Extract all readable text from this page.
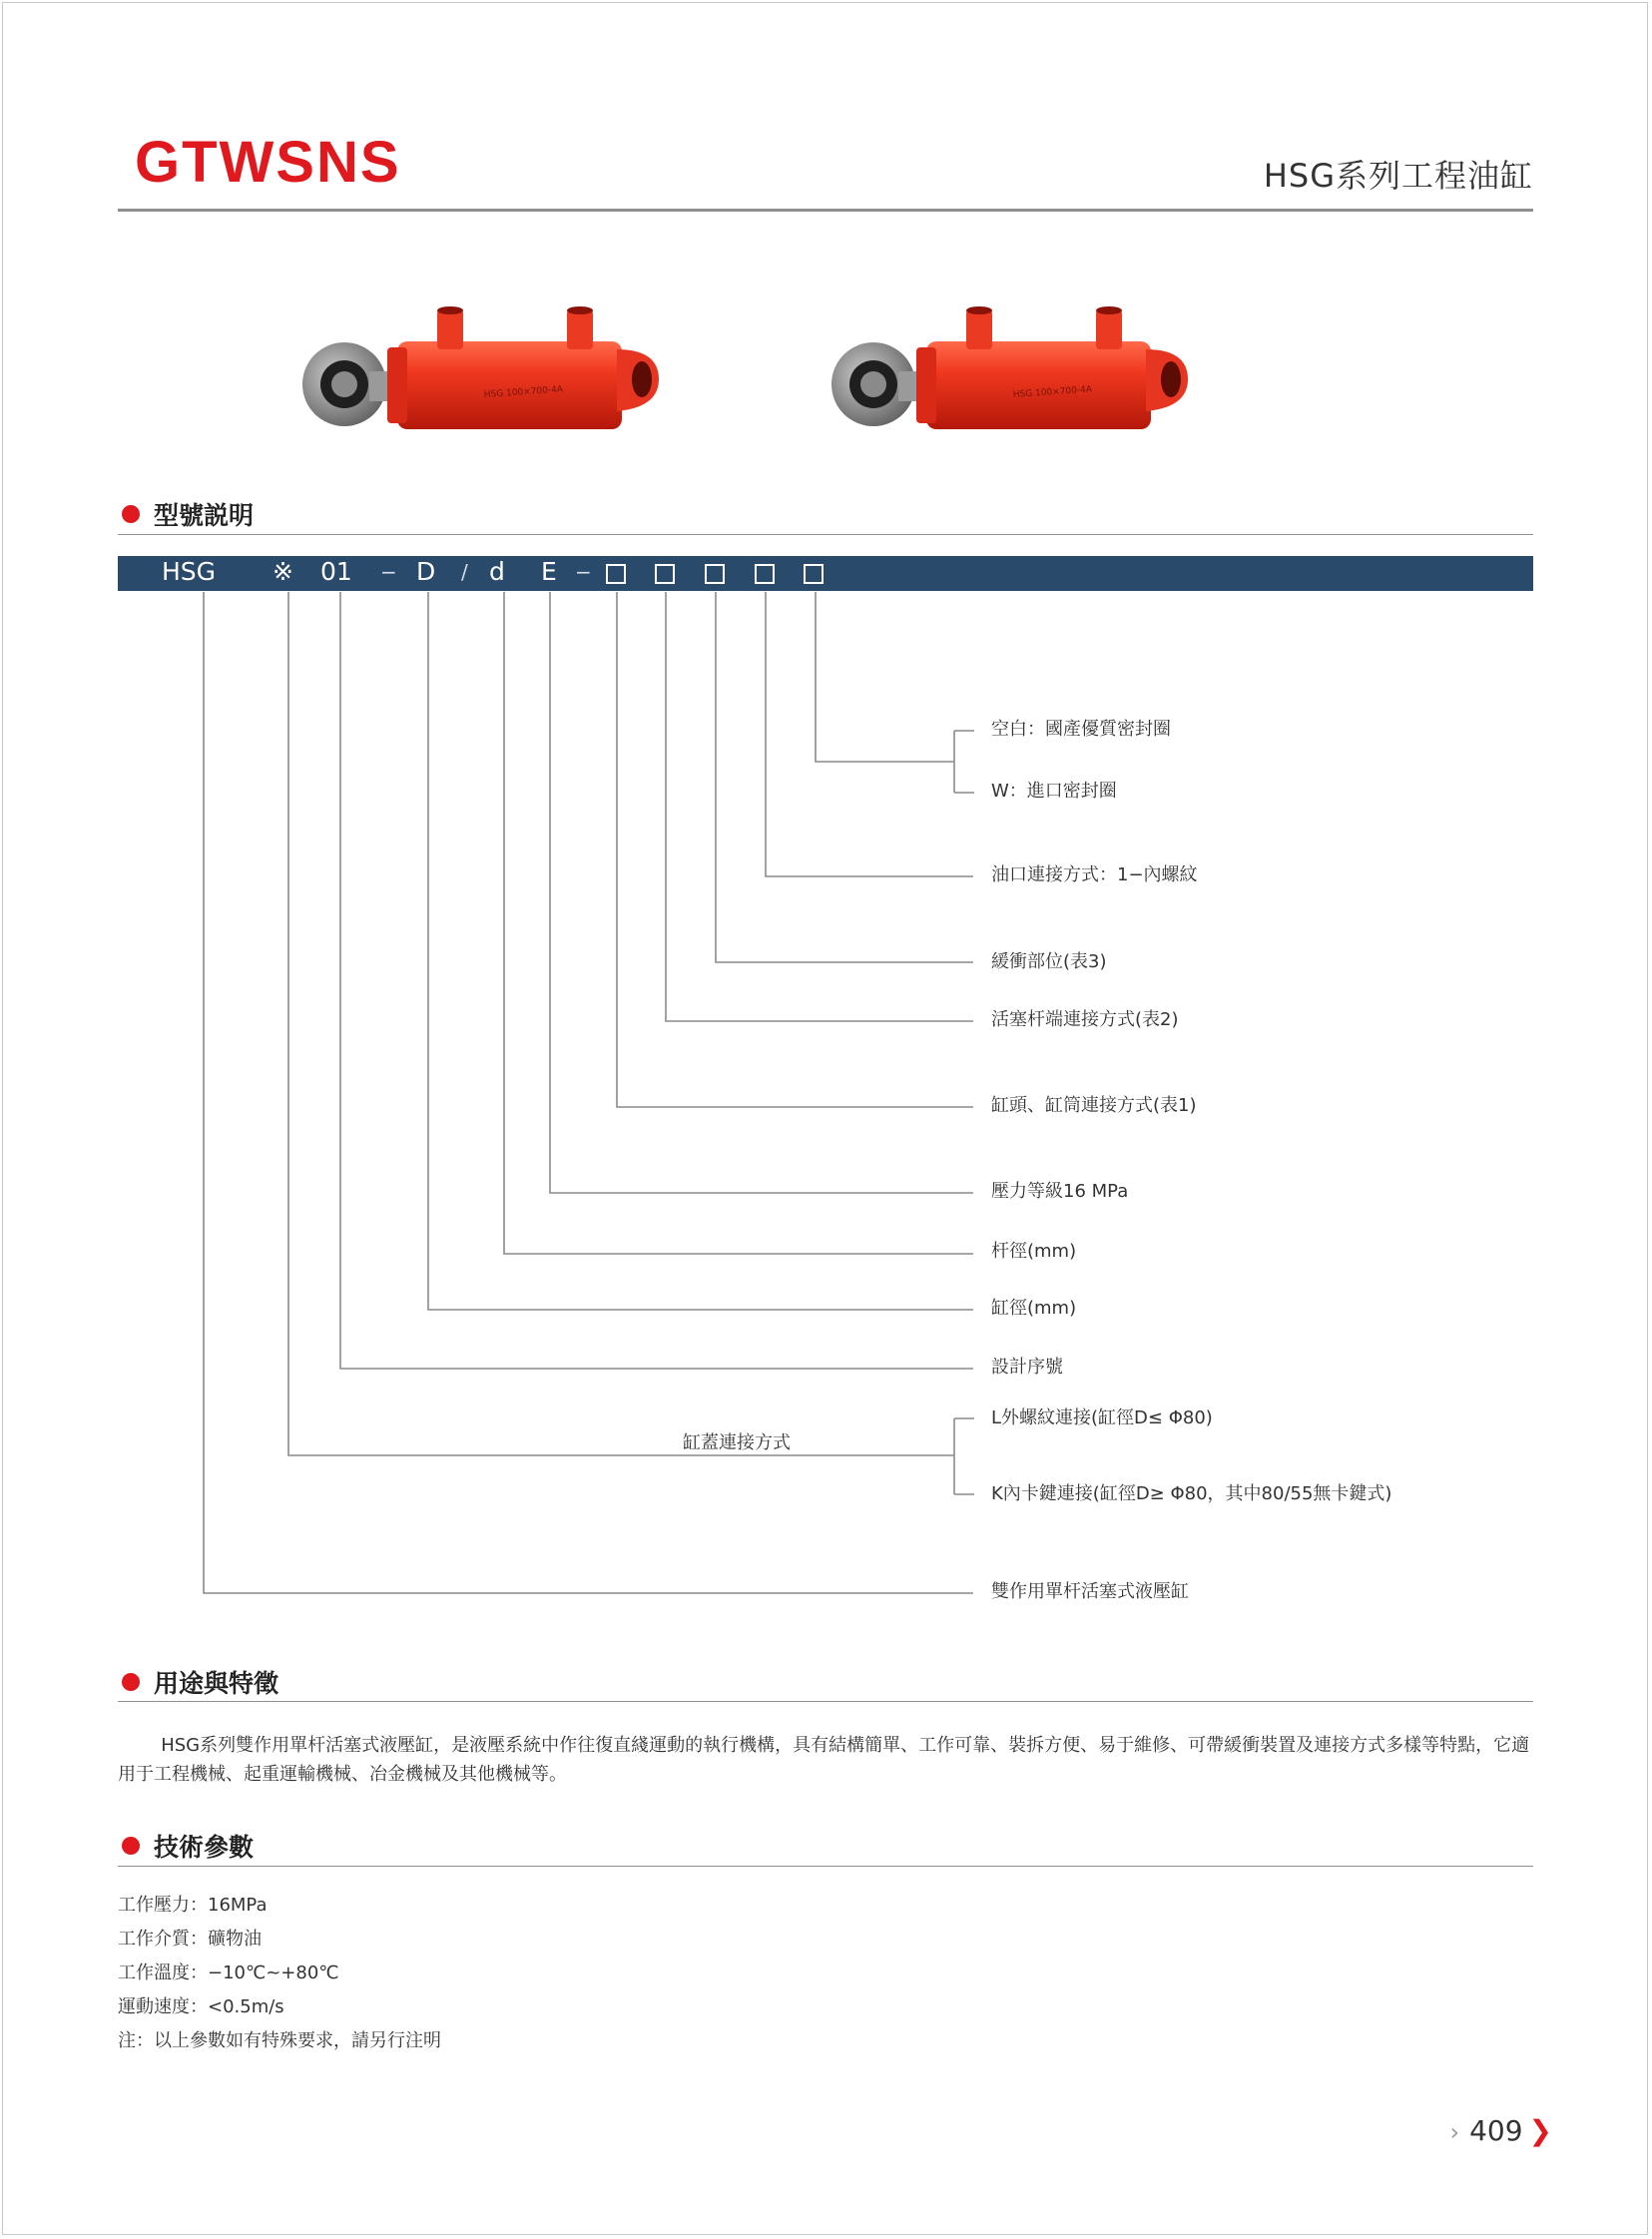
GTWSNS	HSG系列工程油缸
HSG 100×700-4A	HSG 100×700-4A
型號説明
HSG ※ 01 − D / d E −
空白：國產優質密封圈
W：進口密封圈
油口連接方式：1−內螺紋
緩衝部位(表3)
活塞杆端連接方式(表2)
缸頭、缸筒連接方式(表1)
壓力等級16 MPa
杆徑(mm)
缸徑(mm)
設計序號
缸蓋連接方式
L外螺紋連接(缸徑D≤ Φ80)
K內卡鍵連接(缸徑D≥ Φ80，其中80/55無卡鍵式)
雙作用單杆活塞式液壓缸
用途與特徵
HSG系列雙作用單杆活塞式液壓缸，是液壓系統中作往復直綫運動的執行機構，具有結構簡單、工作可靠、裝拆方便、易于維修、可帶緩衝裝置及連接方式多樣等特點，它適用于工程機械、起重運輸機械、冶金機械及其他機械等。
技術參數
工作壓力：16MPa
工作介質：礦物油
工作溫度：−10℃~+80℃
運動速度：<0.5m/s
注：以上參數如有特殊要求，請另行注明
› 409 ❯
